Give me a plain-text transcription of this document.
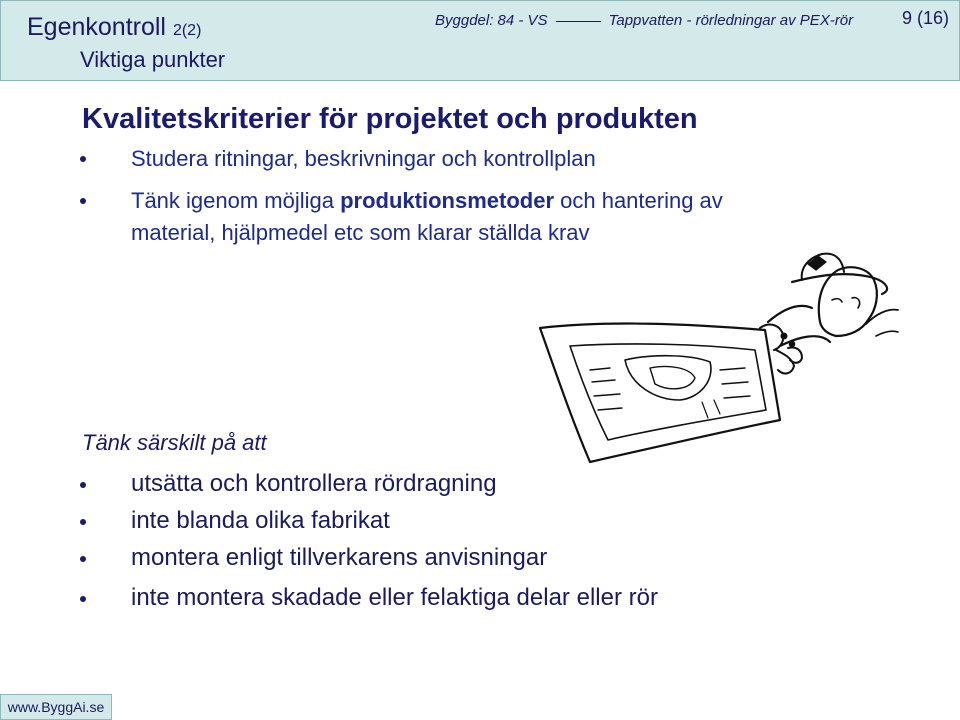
Egenkontroll 2(2)
Viktiga punkter
Byggdel: 84 - VS	Tappvatten - rörledningar av PEX-rör	9 (16)
Kvalitetskriterier för projektet och produkten
Studera ritningar, beskrivningar och kontrollplan
Tänk igenom möjliga produktionsmetoder och hantering av
material, hjälpmedel etc som klarar ställda krav
Tänk särskilt på att
utsätta och kontrollera rördragning
inte blanda olika fabrikat
montera enligt tillverkarens anvisningar
inte montera skadade eller felaktiga delar eller rör
www.ByggAi.se
